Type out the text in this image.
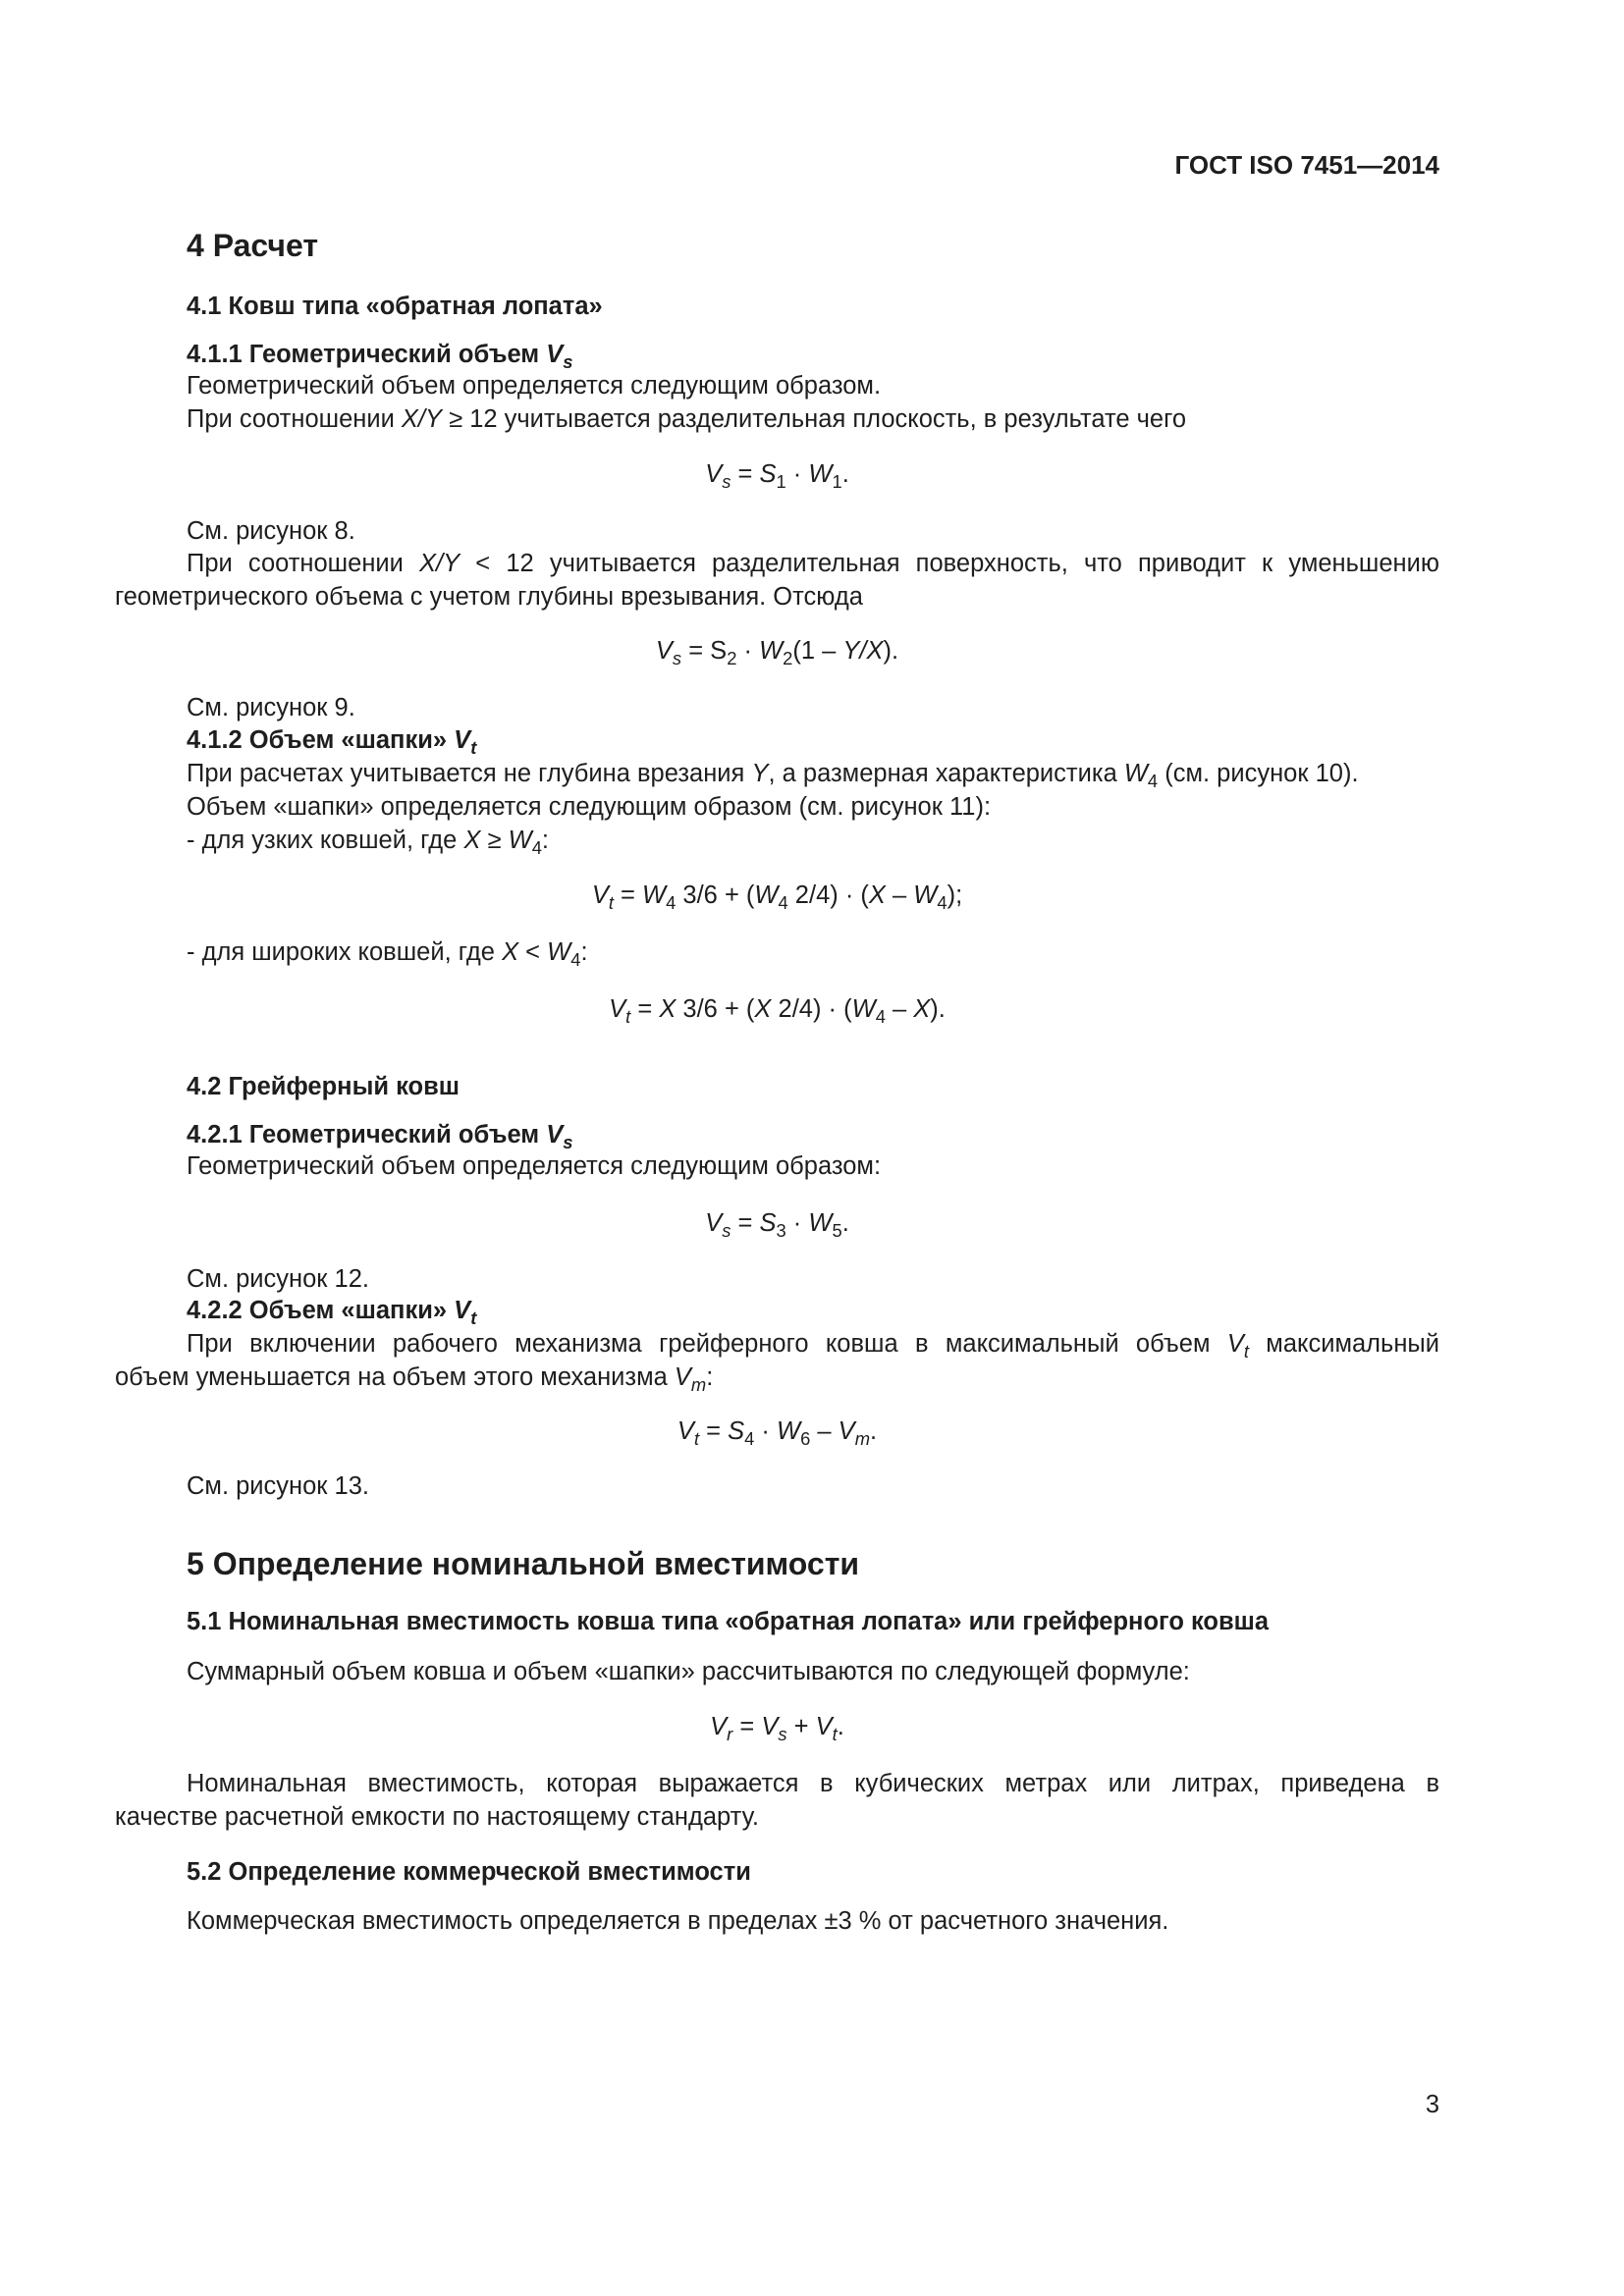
ГОСТ ISO 7451—2014
4 Расчет
4.1 Ковш типа «обратная лопата»
4.1.1 Геометрический объем $V_s$
Геометрический объем определяется следующим образом.
При соотношении X/Y ≥ 12 учитывается разделительная плоскость, в результате чего
$V_s = S_1 \cdot W_1$.
См. рисунок 8.
При соотношении X/Y < 12 учитывается разделительная поверхность, что приводит к уменьшению
геометрического объема с учетом глубины врезывания. Отсюда
$V_s = S_2 \cdot W_2(1 - Y/X)$.
См. рисунок 9.
4.1.2 Объем «шапки» $V_t$
При расчетах учитывается не глубина врезания Y, а размерная характеристика $W_4$ (см. рисунок 10).
Объем «шапки» определяется следующим образом (см. рисунок 11):
- для узких ковшей, где $X \ge W_4$:
$V_t = W_4$ $3/6 + (W_4$ $2/4) \cdot (X - W_4)$;
- для широких ковшей, где $X < W_4$:
$V_t = X$ 3/6 + (X $2/4) \cdot (W_4 - X)$.
4.2 Грейферный ковш
4.2.1 Геометрический объем $V_s$
Геометрический объем определяется следующим образом:
$V_s = S_3 \cdot W_5$.
См. рисунок 12.
4.2.2 Объем «шапки» $V_t$
При включении рабочего механизма грейферного ковша в максимальный объем $V_t$ максимальный
объем уменьшается на объем этого механизма $V_m$:
$V_t = S_4 \cdot W_6 - V_m$.
См. рисунок 13.
5 Определение номинальной вместимости
5.1 Номинальная вместимость ковша типа «обратная лопата» или грейферного ковша
Суммарный объем ковша и объем «шапки» рассчитываются по следующей формуле:
$V_r = V_s + V_t$.
Номинальная вместимость, которая выражается в кубических метрах или литрах, приведена в
качестве расчетной емкости по настоящему стандарту.
5.2 Определение коммерческой вместимости
Коммерческая вместимость определяется в пределах ±3 % от расчетного значения.
3
